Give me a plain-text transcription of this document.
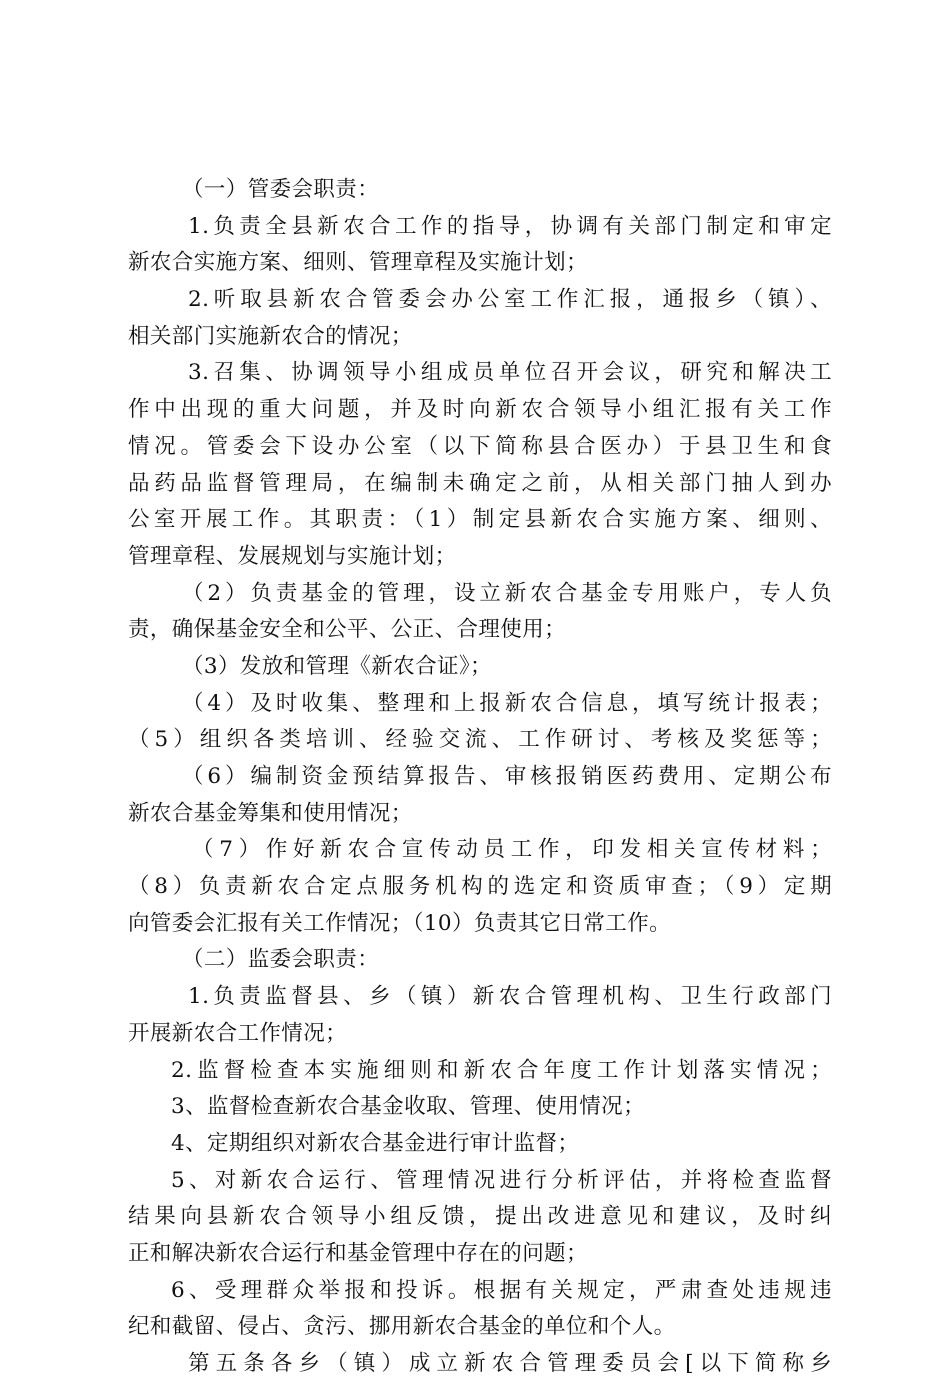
（一）管委会职责：
1.负责全县新农合工作的指导，协调有关部门制定和审定
新农合实施方案、细则、管理章程及实施计划；
2.听取县新农合管委会办公室工作汇报，通报乡（镇）、
相关部门实施新农合的情况；
3.召集、协调领导小组成员单位召开会议，研究和解决工
作中出现的重大问题，并及时向新农合领导小组汇报有关工作
情况。管委会下设办公室（以下简称县合医办）于县卫生和食
品药品监督管理局，在编制未确定之前，从相关部门抽人到办
公室开展工作。其职责：（1）制定县新农合实施方案、细则、
管理章程、发展规划与实施计划；
（2）负责基金的管理，设立新农合基金专用账户，专人负
责，确保基金安全和公平、公正、合理使用；
（3）发放和管理《新农合证》；
（4）及时收集、整理和上报新农合信息，填写统计报表；
（5）组织各类培训、经验交流、工作研讨、考核及奖惩等；
（6）编制资金预结算报告、审核报销医药费用、定期公布
新农合基金筹集和使用情况；
（7）作好新农合宣传动员工作，印发相关宣传材料；
（8）负责新农合定点服务机构的选定和资质审查；（9）定期
向管委会汇报有关工作情况；（10）负责其它日常工作。
（二）监委会职责：
1.负责监督县、乡（镇）新农合管理机构、卫生行政部门
开展新农合工作情况；
2.监督检查本实施细则和新农合年度工作计划落实情况；
3、监督检查新农合基金收取、管理、使用情况；
4、定期组织对新农合基金进行审计监督；
5、对新农合运行、管理情况进行分析评估，并将检查监督
结果向县新农合领导小组反馈，提出改进意见和建议，及时纠
正和解决新农合运行和基金管理中存在的问题；
6、受理群众举报和投诉。根据有关规定，严肃查处违规违
纪和截留、侵占、贪污、挪用新农合基金的单位和个人。
第五条各乡（镇）成立新农合管理委员会[以下简称乡
